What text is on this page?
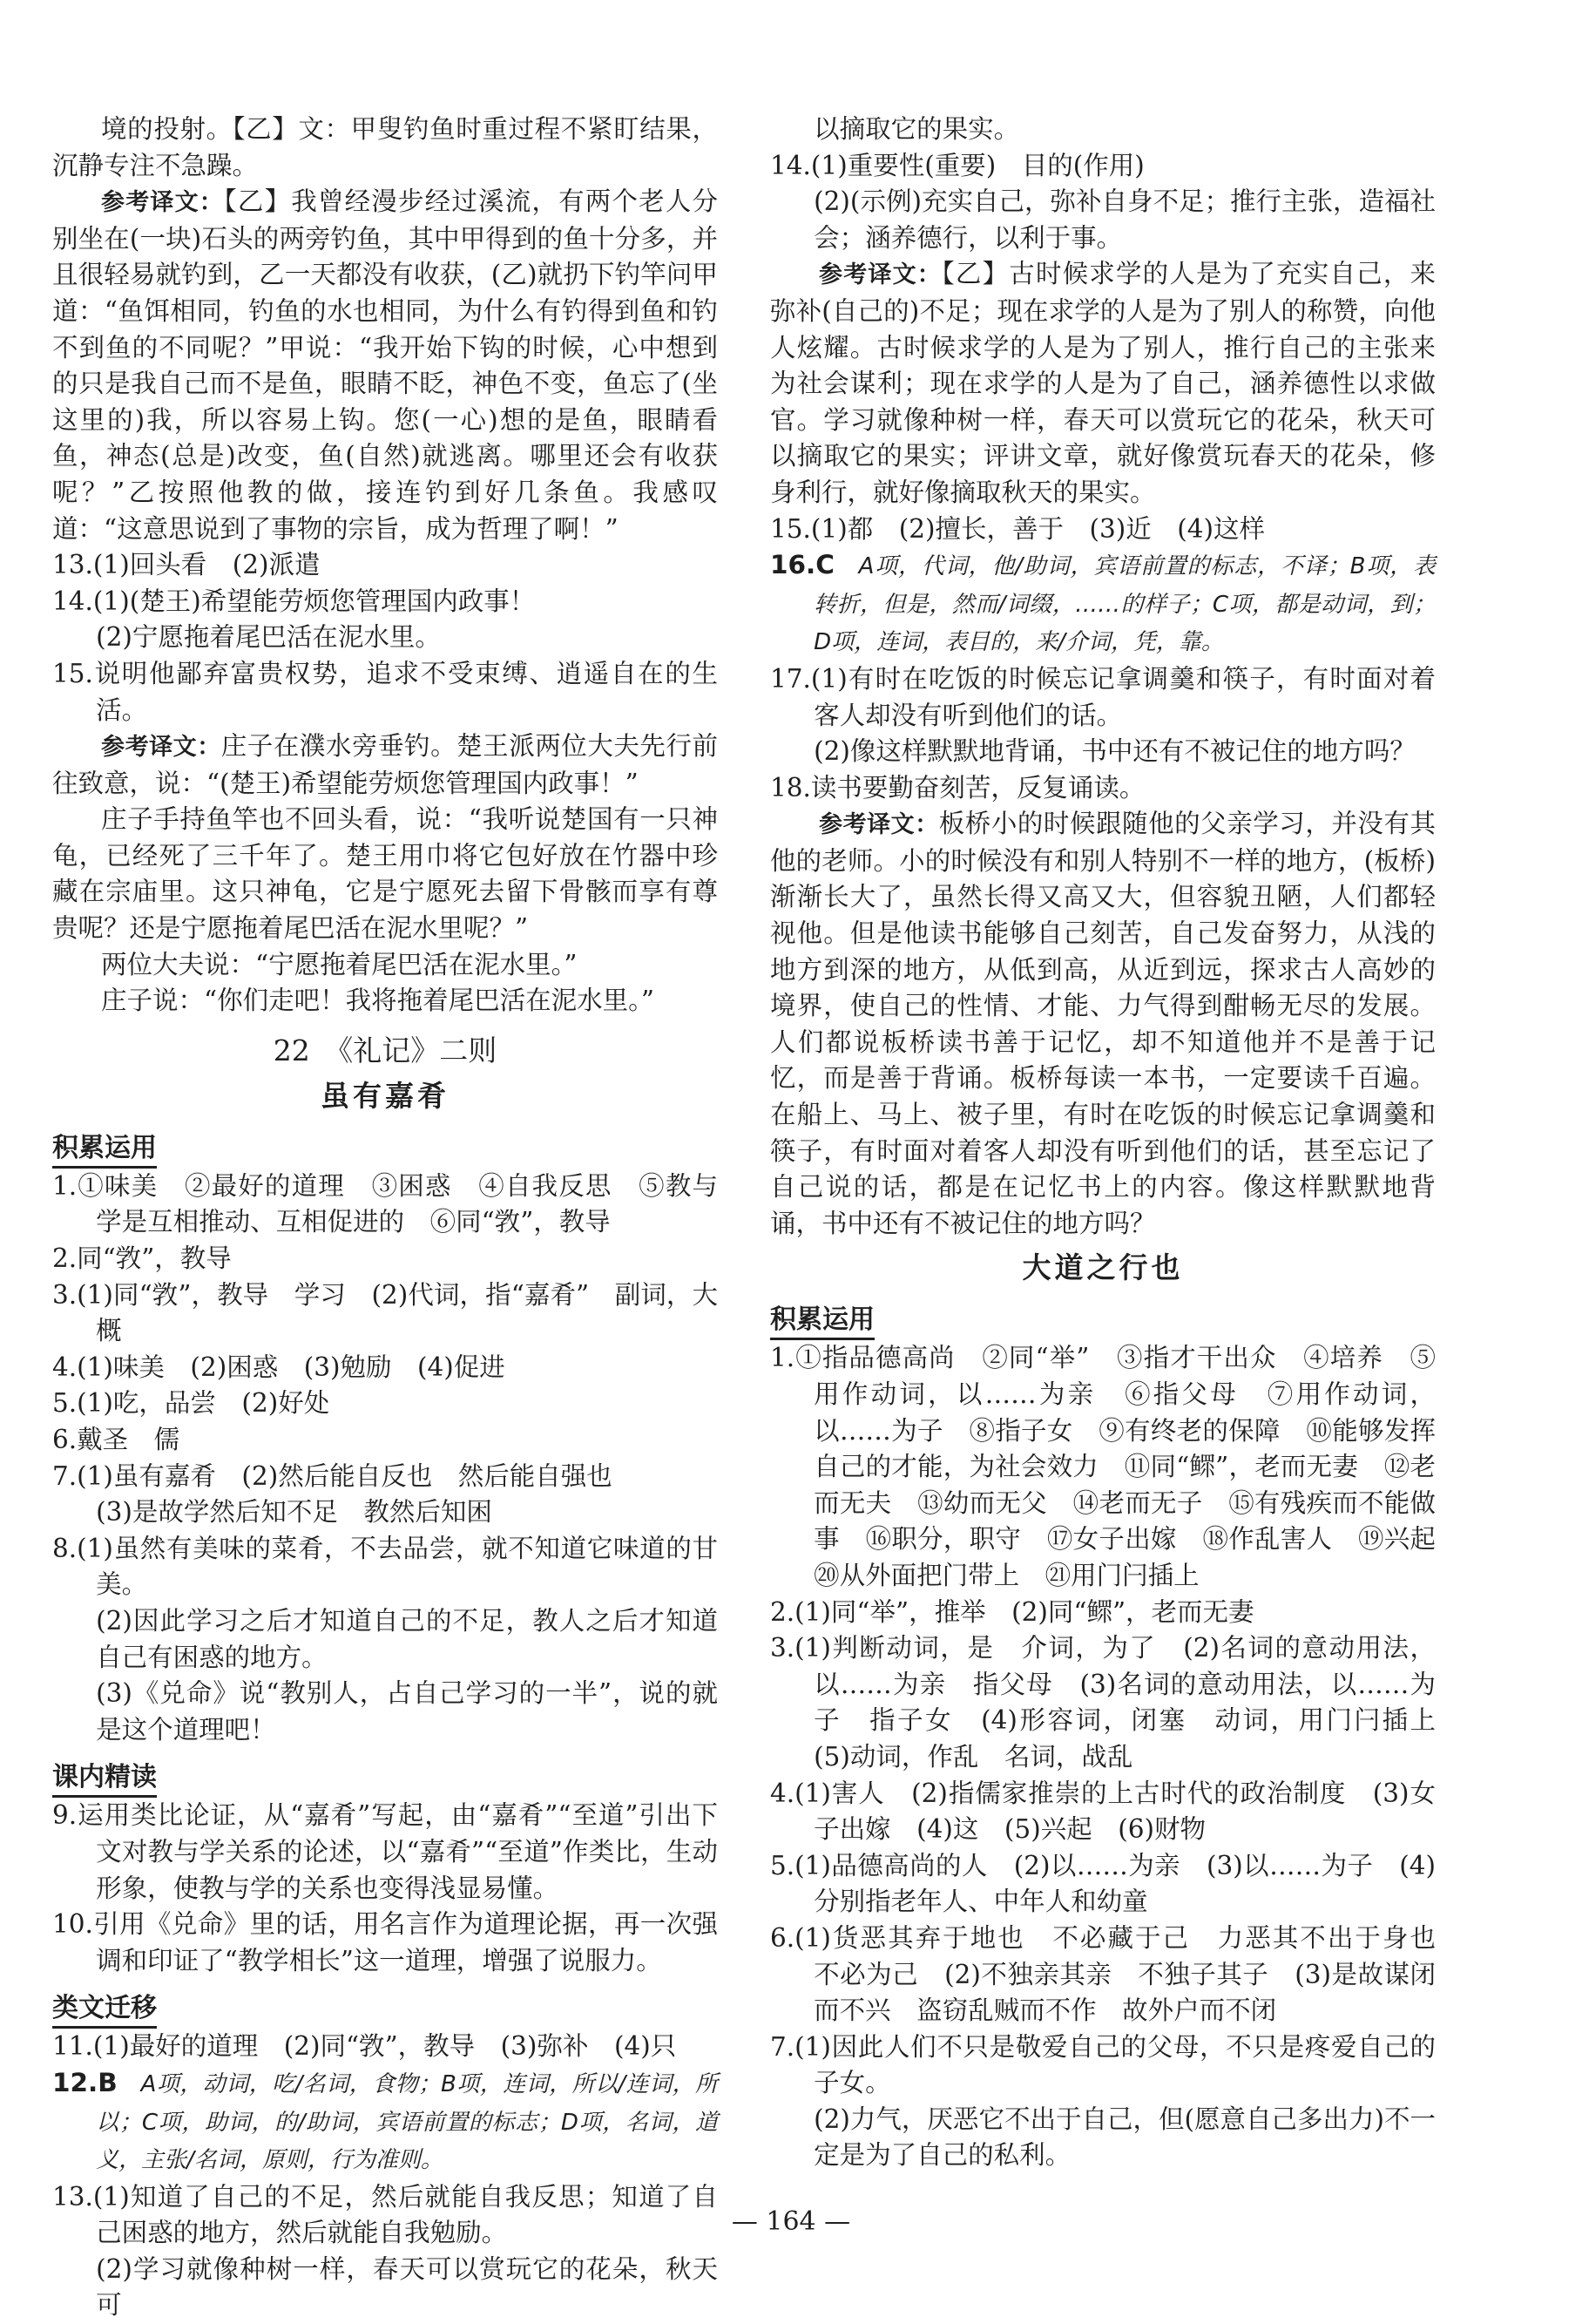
境的投射。【乙】文：甲叟钓鱼时重过程不紧盯结果，沉静专注不急躁。

参考译文：【乙】我曾经漫步经过溪流，有两个老人分别坐在(一块)石头的两旁钓鱼，其中甲得到的鱼十分多，并且很轻易就钓到，乙一天都没有收获，(乙)就扔下钓竿问甲道：“鱼饵相同，钓鱼的水也相同，为什么有钓得到鱼和钓不到鱼的不同呢？”甲说：“我开始下钩的时候，心中想到的只是我自己而不是鱼，眼睛不眨，神色不变，鱼忘了(坐这里的)我，所以容易上钩。您(一心)想的是鱼，眼睛看鱼，神态(总是)改变，鱼(自然)就逃离。哪里还会有收获呢？”乙按照他教的做，接连钓到好几条鱼。我感叹道：“这意思说到了事物的宗旨，成为哲理了啊！”

13.(1)回头看　(2)派遣

14.(1)(楚王)希望能劳烦您管理国内政事！

(2)宁愿拖着尾巴活在泥水里。

15.说明他鄙弃富贵权势，追求不受束缚、逍遥自在的生活。

参考译文：庄子在濮水旁垂钓。楚王派两位大夫先行前往致意，说：“(楚王)希望能劳烦您管理国内政事！”

庄子手持鱼竿也不回头看，说：“我听说楚国有一只神龟，已经死了三千年了。楚王用巾将它包好放在竹器中珍藏在宗庙里。这只神龟，它是宁愿死去留下骨骸而享有尊贵呢？还是宁愿拖着尾巴活在泥水里呢？”

两位大夫说：“宁愿拖着尾巴活在泥水里。”

庄子说：“你们走吧！我将拖着尾巴活在泥水里。”

22　《礼记》二则
虽有嘉肴
积累运用

1.①味美　②最好的道理　③困惑　④自我反思　⑤教与学是互相推动、互相促进的　⑥同“敩”，教导

2.同“敩”，教导

3.(1)同“敩”，教导　学习　(2)代词，指“嘉肴”　副词，大概

4.(1)味美　(2)困惑　(3)勉励　(4)促进

5.(1)吃，品尝　(2)好处

6.戴圣　儒

7.(1)虽有嘉肴　(2)然后能自反也　然后能自强也

(3)是故学然后知不足　教然后知困

8.(1)虽然有美味的菜肴，不去品尝，就不知道它味道的甘美。

(2)因此学习之后才知道自己的不足，教人之后才知道自己有困惑的地方。

(3)《兑命》说“教别人，占自己学习的一半”，说的就是这个道理吧！

课内精读

9.运用类比论证，从“嘉肴”写起，由“嘉肴”“至道”引出下文对教与学关系的论述，以“嘉肴”“至道”作类比，生动形象，使教与学的关系也变得浅显易懂。

10.引用《兑命》里的话，用名言作为道理论据，再一次强调和印证了“教学相长”这一道理，增强了说服力。

类文迁移

11.(1)最好的道理　(2)同“敩”，教导　(3)弥补　(4)只

12.B　A项，动词，吃/名词，食物；B项，连词，所以/连词，所以；C项，助词，的/助词，宾语前置的标志；D项，名词，道义，主张/名词，原则，行为准则。

13.(1)知道了自己的不足，然后就能自我反思；知道了自己困惑的地方，然后就能自我勉励。

(2)学习就像种树一样，春天可以赏玩它的花朵，秋天可

以摘取它的果实。

14.(1)重要性(重要)　目的(作用)

(2)(示例)充实自己，弥补自身不足；推行主张，造福社会；涵养德行，以利于事。

参考译文：【乙】古时候求学的人是为了充实自己，来弥补(自己的)不足；现在求学的人是为了别人的称赞，向他人炫耀。古时候求学的人是为了别人，推行自己的主张来为社会谋利；现在求学的人是为了自己，涵养德性以求做官。学习就像种树一样，春天可以赏玩它的花朵，秋天可以摘取它的果实；评讲文章，就好像赏玩春天的花朵，修身利行，就好像摘取秋天的果实。

15.(1)都　(2)擅长，善于　(3)近　(4)这样

16.C　A项，代词，他/助词，宾语前置的标志，不译；B项，表转折，但是，然而/词缀，……的样子；C项，都是动词，到；D项，连词，表目的，来/介词，凭，靠。

17.(1)有时在吃饭的时候忘记拿调羹和筷子，有时面对着客人却没有听到他们的话。

(2)像这样默默地背诵，书中还有不被记住的地方吗？

18.读书要勤奋刻苦，反复诵读。

参考译文：板桥小的时候跟随他的父亲学习，并没有其他的老师。小的时候没有和别人特别不一样的地方，(板桥)渐渐长大了，虽然长得又高又大，但容貌丑陋，人们都轻视他。但是他读书能够自己刻苦，自己发奋努力，从浅的地方到深的地方，从低到高，从近到远，探求古人高妙的境界，使自己的性情、才能、力气得到酣畅无尽的发展。人们都说板桥读书善于记忆，却不知道他并不是善于记忆，而是善于背诵。板桥每读一本书，一定要读千百遍。在船上、马上、被子里，有时在吃饭的时候忘记拿调羹和筷子，有时面对着客人却没有听到他们的话，甚至忘记了自己说的话，都是在记忆书上的内容。像这样默默地背诵，书中还有不被记住的地方吗？

大道之行也
积累运用

1.①指品德高尚　②同“举”　③指才干出众　④培养　⑤用作动词，以……为亲　⑥指父母　⑦用作动词，以……为子　⑧指子女　⑨有终老的保障　⑩能够发挥自己的才能，为社会效力　⑪同“鳏”，老而无妻　⑫老而无夫　⑬幼而无父　⑭老而无子　⑮有残疾而不能做事　⑯职分，职守　⑰女子出嫁　⑱作乱害人　⑲兴起　⑳从外面把门带上　㉑用门闩插上

2.(1)同“举”，推举　(2)同“鳏”，老而无妻

3.(1)判断动词，是　介词，为了　(2)名词的意动用法，以……为亲　指父母　(3)名词的意动用法，以……为子　指子女　(4)形容词，闭塞　动词，用门闩插上　(5)动词，作乱　名词，战乱

4.(1)害人　(2)指儒家推崇的上古时代的政治制度　(3)女子出嫁　(4)这　(5)兴起　(6)财物

5.(1)品德高尚的人　(2)以……为亲　(3)以……为子　(4)分别指老年人、中年人和幼童

6.(1)货恶其弃于地也　不必藏于己　力恶其不出于身也　不必为己　(2)不独亲其亲　不独子其子　(3)是故谋闭而不兴　盗窃乱贼而不作　故外户而不闭

7.(1)因此人们不只是敬爱自己的父母，不只是疼爱自己的子女。

(2)力气，厌恶它不出于自己，但(愿意自己多出力)不一定是为了自己的私利。

— 164 —
